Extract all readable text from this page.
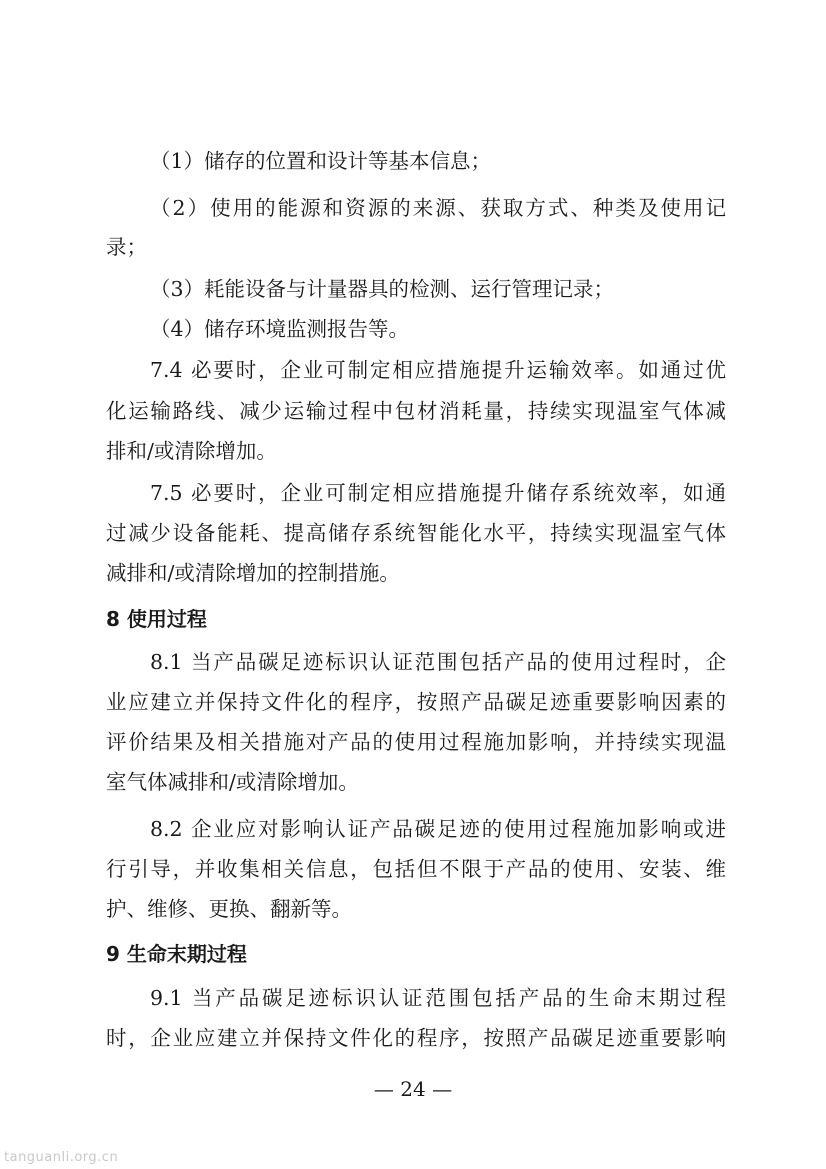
（1）储存的位置和设计等基本信息；
（2）使用的能源和资源的来源、获取方式、种类及使用记
录；
（3）耗能设备与计量器具的检测、运行管理记录；
（4）储存环境监测报告等。
7.4 必要时，企业可制定相应措施提升运输效率。如通过优
化运输路线、减少运输过程中包材消耗量，持续实现温室气体减
排和/或清除增加。
7.5 必要时，企业可制定相应措施提升储存系统效率，如通
过减少设备能耗、提高储存系统智能化水平，持续实现温室气体
减排和/或清除增加的控制措施。
8 使用过程
8.1 当产品碳足迹标识认证范围包括产品的使用过程时，企
业应建立并保持文件化的程序，按照产品碳足迹重要影响因素的
评价结果及相关措施对产品的使用过程施加影响，并持续实现温
室气体减排和/或清除增加。
8.2 企业应对影响认证产品碳足迹的使用过程施加影响或进
行引导，并收集相关信息，包括但不限于产品的使用、安装、维
护、维修、更换、翻新等。
9 生命末期过程
9.1 当产品碳足迹标识认证范围包括产品的生命末期过程
时，企业应建立并保持文件化的程序，按照产品碳足迹重要影响
— 24 —
tanguanli.org.cn
